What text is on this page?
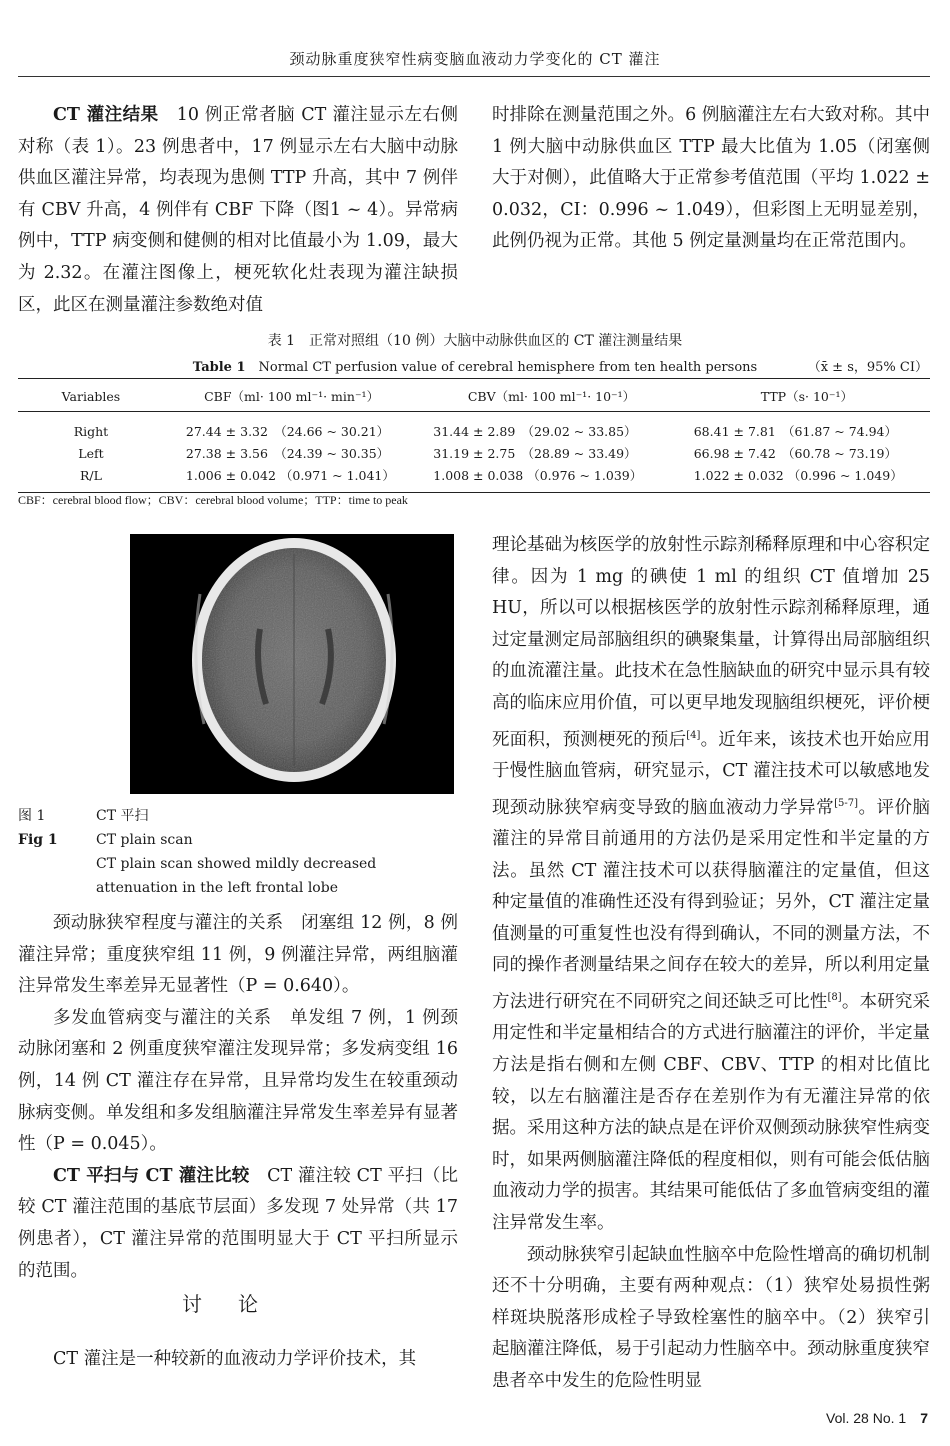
颈动脉重度狭窄性病变脑血液动力学变化的 CT 灌注

CT 灌注结果　 10 例正常者脑 CT 灌注显示左右侧对称（表 1）。23 例患者中，17 例显示左右大脑中动脉供血区灌注异常，均表现为患侧 TTP 升高，其中 7 例伴有 CBV 升高，4 例伴有 CBF 下降（图1 ~ 4）。异常病例中，TTP 病变侧和健侧的相对比值最小为 1.09，最大为 2.32。在灌注图像上，梗死软化灶表现为灌注缺损区，此区在测量灌注参数绝对值

时排除在测量范围之外。6 例脑灌注左右大致对称。其中 1 例大脑中动脉供血区 TTP 最大比值为 1.05（闭塞侧大于对侧），此值略大于正常参考值范围（平均 1.022 ± 0.032，CI：0.996 ~ 1.049），但彩图上无明显差别，此例仍视为正常。其他 5 例定量测量均在正常范围内。

表 1　正常对照组（10 例）大脑中动脉供血区的 CT 灌注测量结果
Table 1　 Normal CT perfusion value of cerebral hemisphere from ten health persons	（x̄ ± s，95% CI）
Variables	CBF（ml· 100 ml⁻¹· min⁻¹）	CBV（ml· 100 ml⁻¹· 10⁻¹）	TTP（s· 10⁻¹）
Right	27.44 ± 3.32　（24.66 ~ 30.21）	31.44 ± 2.89　（29.02 ~ 33.85）	68.41 ± 7.81　（61.87 ~ 74.94）
Left	27.38 ± 3.56　（24.39 ~ 30.35）	31.19 ± 2.75　（28.89 ~ 33.49）	66.98 ± 7.42　（60.78 ~ 73.19）
R/L	1.006 ± 0.042 （0.971 ~ 1.041）	1.008 ± 0.038 （0.976 ~ 1.039）	1.022 ± 0.032 （0.996 ~ 1.049）
CBF：cerebral blood flow；CBV：cerebral blood volume；TTP：time to peak
图 1	CT 平扫
Fig 1	CT plain scan
CT plain scan showed mildly decreased attenuation in the left frontal lobe

颈动脉狭窄程度与灌注的关系　 闭塞组 12 例，8 例灌注异常；重度狭窄组 11 例，9 例灌注异常，两组脑灌注异常发生率差异无显著性（P = 0.640）。

多发血管病变与灌注的关系　 单发组 7 例，1 例颈动脉闭塞和 2 例重度狭窄灌注发现异常；多发病变组 16 例，14 例 CT 灌注存在异常，且异常均发生在较重颈动脉病变侧。单发组和多发组脑灌注异常发生率差异有显著性（P = 0.045）。

CT 平扫与 CT 灌注比较　 CT 灌注较 CT 平扫（比较 CT 灌注范围的基底节层面）多发现 7 处异常（共 17 例患者），CT 灌注异常的范围明显大于 CT 平扫所显示的范围。

讨论

CT 灌注是一种较新的血液动力学评价技术，其

理论基础为核医学的放射性示踪剂稀释原理和中心容积定律。因为 1 mg 的碘使 1 ml 的组织 CT 值增加 25 HU，所以可以根据核医学的放射性示踪剂稀释原理，通过定量测定局部脑组织的碘聚集量，计算得出局部脑组织的血流灌注量。此技术在急性脑缺血的研究中显示具有较高的临床应用价值，可以更早地发现脑组织梗死，评价梗死面积，预测梗死的预后[4]。近年来，该技术也开始应用于慢性脑血管病，研究显示，CT 灌注技术可以敏感地发现颈动脉狭窄病变导致的脑血液动力学异常[5-7]。评价脑灌注的异常目前通用的方法仍是采用定性和半定量的方法。虽然 CT 灌注技术可以获得脑灌注的定量值，但这种定量值的准确性还没有得到验证；另外，CT 灌注定量值测量的可重复性也没有得到确认，不同的测量方法，不同的操作者测量结果之间存在较大的差异，所以利用定量方法进行研究在不同研究之间还缺乏可比性[8]。本研究采用定性和半定量相结合的方式进行脑灌注的评价，半定量方法是指右侧和左侧 CBF、CBV、TTP 的相对比值比较，以左右脑灌注是否存在差别作为有无灌注异常的依据。采用这种方法的缺点是在评价双侧颈动脉狭窄性病变时，如果两侧脑灌注降低的程度相似，则有可能会低估脑血液动力学的损害。其结果可能低估了多血管病变组的灌注异常发生率。

颈动脉狭窄引起缺血性脑卒中危险性增高的确切机制还不十分明确，主要有两种观点：（1）狭窄处易损性粥样斑块脱落形成栓子导致栓塞性的脑卒中。（2）狭窄引起脑灌注降低，易于引起动力性脑卒中。颈动脉重度狭窄患者卒中发生的危险性明显

Vol. 28 No. 1 7
